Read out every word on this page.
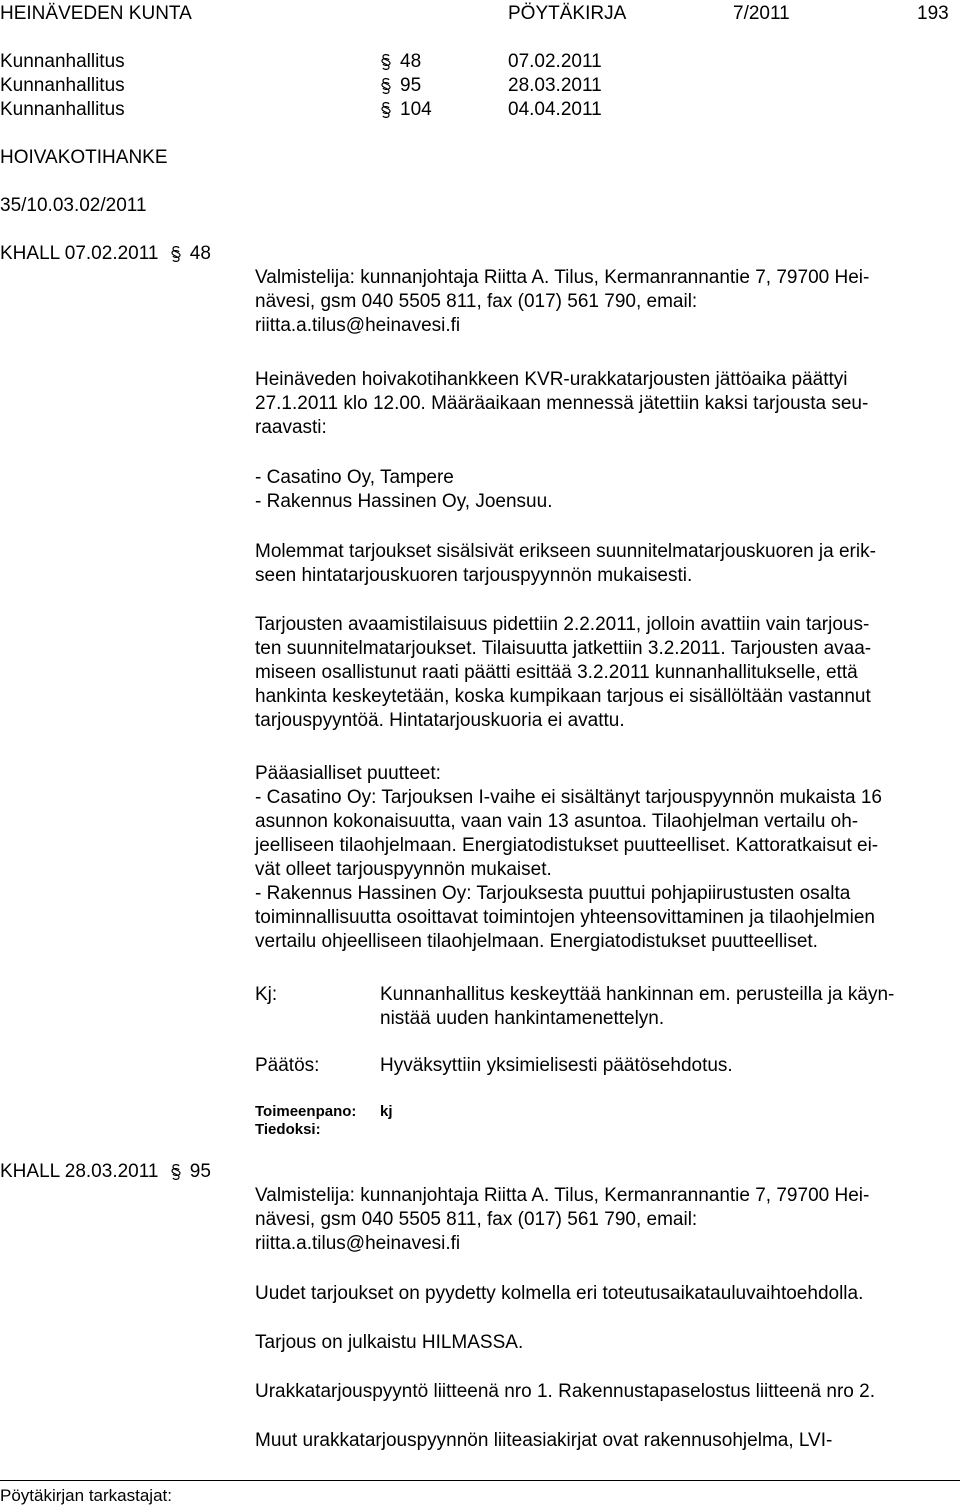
HEINÄVEDEN KUNTA	PÖYTÄKIRJA	7/2011	193
Kunnanhallitus	48	07.02.2011
Kunnanhallitus	95	28.03.2011
Kunnanhallitus	104	04.04.2011
HOIVAKOTIHANKE
35/10.03.02/2011
KHALL 07.02.2011 48
Valmistelija: kunnanjohtaja Riitta A. Tilus, Kermanrannantie 7, 79700 Hei-
nävesi, gsm 040 5505 811, fax (017) 561 790, email:
riitta.a.tilus@heinavesi.fi
Heinäveden hoivakotihankkeen KVR-urakkatarjousten jättöaika päättyi
27.1.2011 klo 12.00. Määräaikaan mennessä jätettiin kaksi tarjousta seu-
raavasti:
- Casatino Oy, Tampere
- Rakennus Hassinen Oy, Joensuu.
Molemmat tarjoukset sisälsivät erikseen suunnitelmatarjouskuoren ja erik-
seen hintatarjouskuoren tarjouspyynnön mukaisesti.
Tarjousten avaamistilaisuus pidettiin 2.2.2011, jolloin avattiin vain tarjous-
ten suunnitelmatarjoukset. Tilaisuutta jatkettiin 3.2.2011. Tarjousten avaa-
miseen osallistunut raati päätti esittää 3.2.2011 kunnanhallitukselle, että
hankinta keskeytetään, koska kumpikaan tarjous ei sisällöltään vastannut
tarjouspyyntöä. Hintatarjouskuoria ei avattu.
Pääasialliset puutteet:
- Casatino Oy: Tarjouksen I-vaihe ei sisältänyt tarjouspyynnön mukaista 16
asunnon kokonaisuutta, vaan vain 13 asuntoa. Tilaohjelman vertailu oh-
jeelliseen tilaohjelmaan. Energiatodistukset puutteelliset. Kattoratkaisut ei-
vät olleet tarjouspyynnön mukaiset.
- Rakennus Hassinen Oy: Tarjouksesta puuttui pohjapiirustusten osalta
toiminnallisuutta osoittavat toimintojen yhteensovittaminen ja tilaohjelmien
vertailu ohjeelliseen tilaohjelmaan. Energiatodistukset puutteelliset.
Kj:	Kunnanhallitus keskeyttää hankinnan em. perusteilla ja käyn-
nistää uuden hankintamenettelyn.
Päätös:	Hyväksyttiin yksimielisesti päätösehdotus.
Toimeenpano: kj
Tiedoksi:
KHALL 28.03.2011 95
Valmistelija: kunnanjohtaja Riitta A. Tilus, Kermanrannantie 7, 79700 Hei-
nävesi, gsm 040 5505 811, fax (017) 561 790, email:
riitta.a.tilus@heinavesi.fi
Uudet tarjoukset on pyydetty kolmella eri toteutusaikatauluvaihtoehdolla.
Tarjous on julkaistu HILMASSA.
Urakkatarjouspyyntö liitteenä nro 1. Rakennustapaselostus liitteenä nro 2.
Muut urakkatarjouspyynnön liiteasiakirjat ovat rakennusohjelma, LVI-
Pöytäkirjan tarkastajat:
